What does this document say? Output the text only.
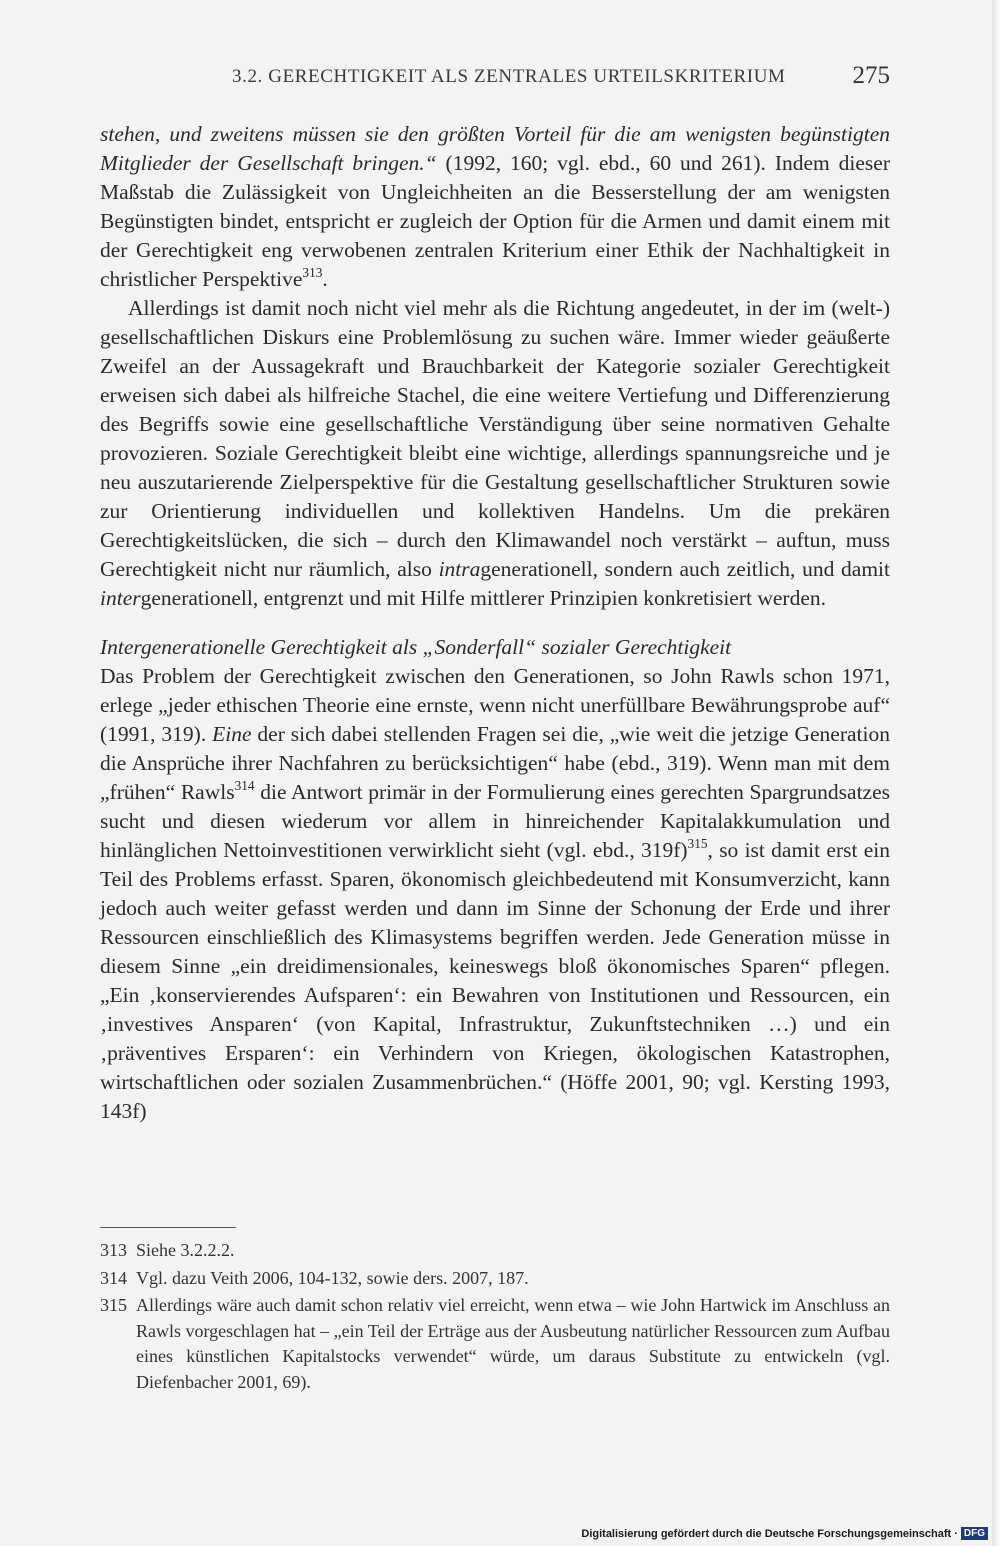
3.2. GERECHTIGKEIT ALS ZENTRALES URTEILSKRITERIUM	275

stehen, und zweitens müssen sie den größten Vorteil für die am wenigsten begünstigten Mitglieder der Gesellschaft bringen.“ (1992, 160; vgl. ebd., 60 und 261). Indem dieser Maßstab die Zulässigkeit von Ungleichheiten an die Besserstellung der am wenigsten Begünstigten bindet, entspricht er zugleich der Option für die Armen und damit einem mit der Gerechtigkeit eng verwobenen zentralen Kriterium einer Ethik der Nachhaltigkeit in christlicher Perspektive$^{313}$.

Allerdings ist damit noch nicht viel mehr als die Richtung angedeutet, in der im (welt-) gesellschaftlichen Diskurs eine Problemlösung zu suchen wäre. Immer wieder geäußerte Zweifel an der Aussagekraft und Brauchbarkeit der Kategorie sozialer Gerechtigkeit erweisen sich dabei als hilfreiche Stachel, die eine weitere Vertiefung und Differenzierung des Begriffs sowie eine gesellschaftliche Verständigung über seine normativen Gehalte provozieren. Soziale Gerechtigkeit bleibt eine wichtige, allerdings spannungsreiche und je neu auszutarierende Zielperspektive für die Gestaltung gesellschaftlicher Strukturen sowie zur Orientierung individuellen und kollektiven Handelns. Um die prekären Gerechtigkeitslücken, die sich – durch den Klimawandel noch verstärkt – auftun, muss Gerechtigkeit nicht nur räumlich, also intragenerationell, sondern auch zeitlich, und damit intergenerationell, entgrenzt und mit Hilfe mittlerer Prinzipien konkretisiert werden.

Intergenerationelle Gerechtigkeit als „Sonderfall“ sozialer Gerechtigkeit

Das Problem der Gerechtigkeit zwischen den Generationen, so John Rawls schon 1971, erlege „jeder ethischen Theorie eine ernste, wenn nicht unerfüllbare Bewährungsprobe auf“ (1991, 319). Eine der sich dabei stellenden Fragen sei die, „wie weit die jetzige Generation die Ansprüche ihrer Nachfahren zu berücksichtigen“ habe (ebd., 319). Wenn man mit dem „frühen“ Rawls$^{314}$ die Antwort primär in der Formulierung eines gerechten Spargrundsatzes sucht und diesen wiederum vor allem in hinreichender Kapitalakkumulation und hinlänglichen Nettoinvestitionen verwirklicht sieht (vgl. ebd., 319f)$^{315}$, so ist damit erst ein Teil des Problems erfasst. Sparen, ökonomisch gleichbedeutend mit Konsumverzicht, kann jedoch auch weiter gefasst werden und dann im Sinne der Schonung der Erde und ihrer Ressourcen einschließlich des Klimasystems begriffen werden. Jede Generation müsse in diesem Sinne „ein dreidimensionales, keineswegs bloß ökonomisches Sparen“ pflegen. „Ein ‚konservierendes Aufsparen‘: ein Bewahren von Institutionen und Ressourcen, ein ‚investives Ansparen‘ (von Kapital, Infrastruktur, Zukunftstechniken …) und ein ‚präventives Ersparen‘: ein Verhindern von Kriegen, ökologischen Katastrophen, wirtschaftlichen oder sozialen Zusammenbrüchen.“ (Höffe 2001, 90; vgl. Kersting 1993, 143f)

313 Siehe 3.2.2.2.
314 Vgl. dazu Veith 2006, 104-132, sowie ders. 2007, 187.
315 Allerdings wäre auch damit schon relativ viel erreicht, wenn etwa – wie John Hartwick im Anschluss an Rawls vorgeschlagen hat – „ein Teil der Erträge aus der Ausbeutung natürlicher Ressourcen zum Aufbau eines künstlichen Kapitalstocks verwendet“ würde, um daraus Substitute zu entwickeln (vgl. Diefenbacher 2001, 69).
Digitalisierung gefördert durch die Deutsche Forschungsgemeinschaft · DFG
